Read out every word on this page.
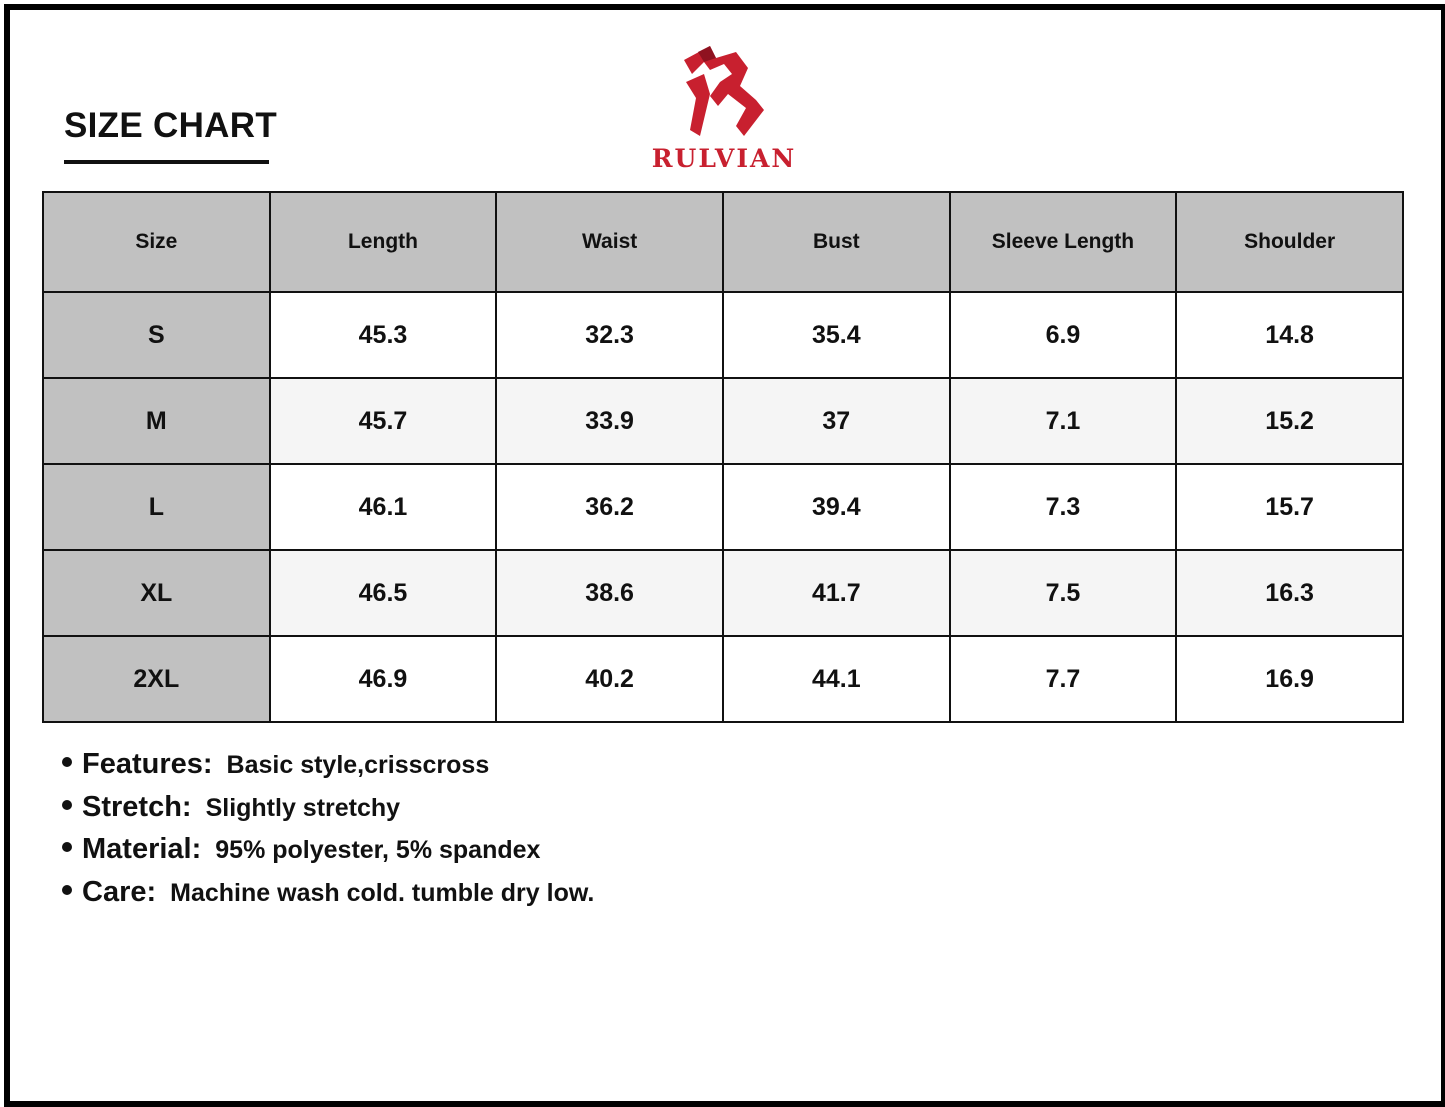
SIZE CHART
RULVIAN
Size	Length	Waist	Bust	Sleeve Length	Shoulder
S	45.3	32.3	35.4	6.9	14.8
M	45.7	33.9	37	7.1	15.2
L	46.1	36.2	39.4	7.3	15.7
XL	46.5	38.6	41.7	7.5	16.3
2XL	46.9	40.2	44.1	7.7	16.9
Features: Basic style,crisscross
Stretch: Slightly stretchy
Material: 95% polyester, 5% spandex
Care: Machine wash cold. tumble dry low.
